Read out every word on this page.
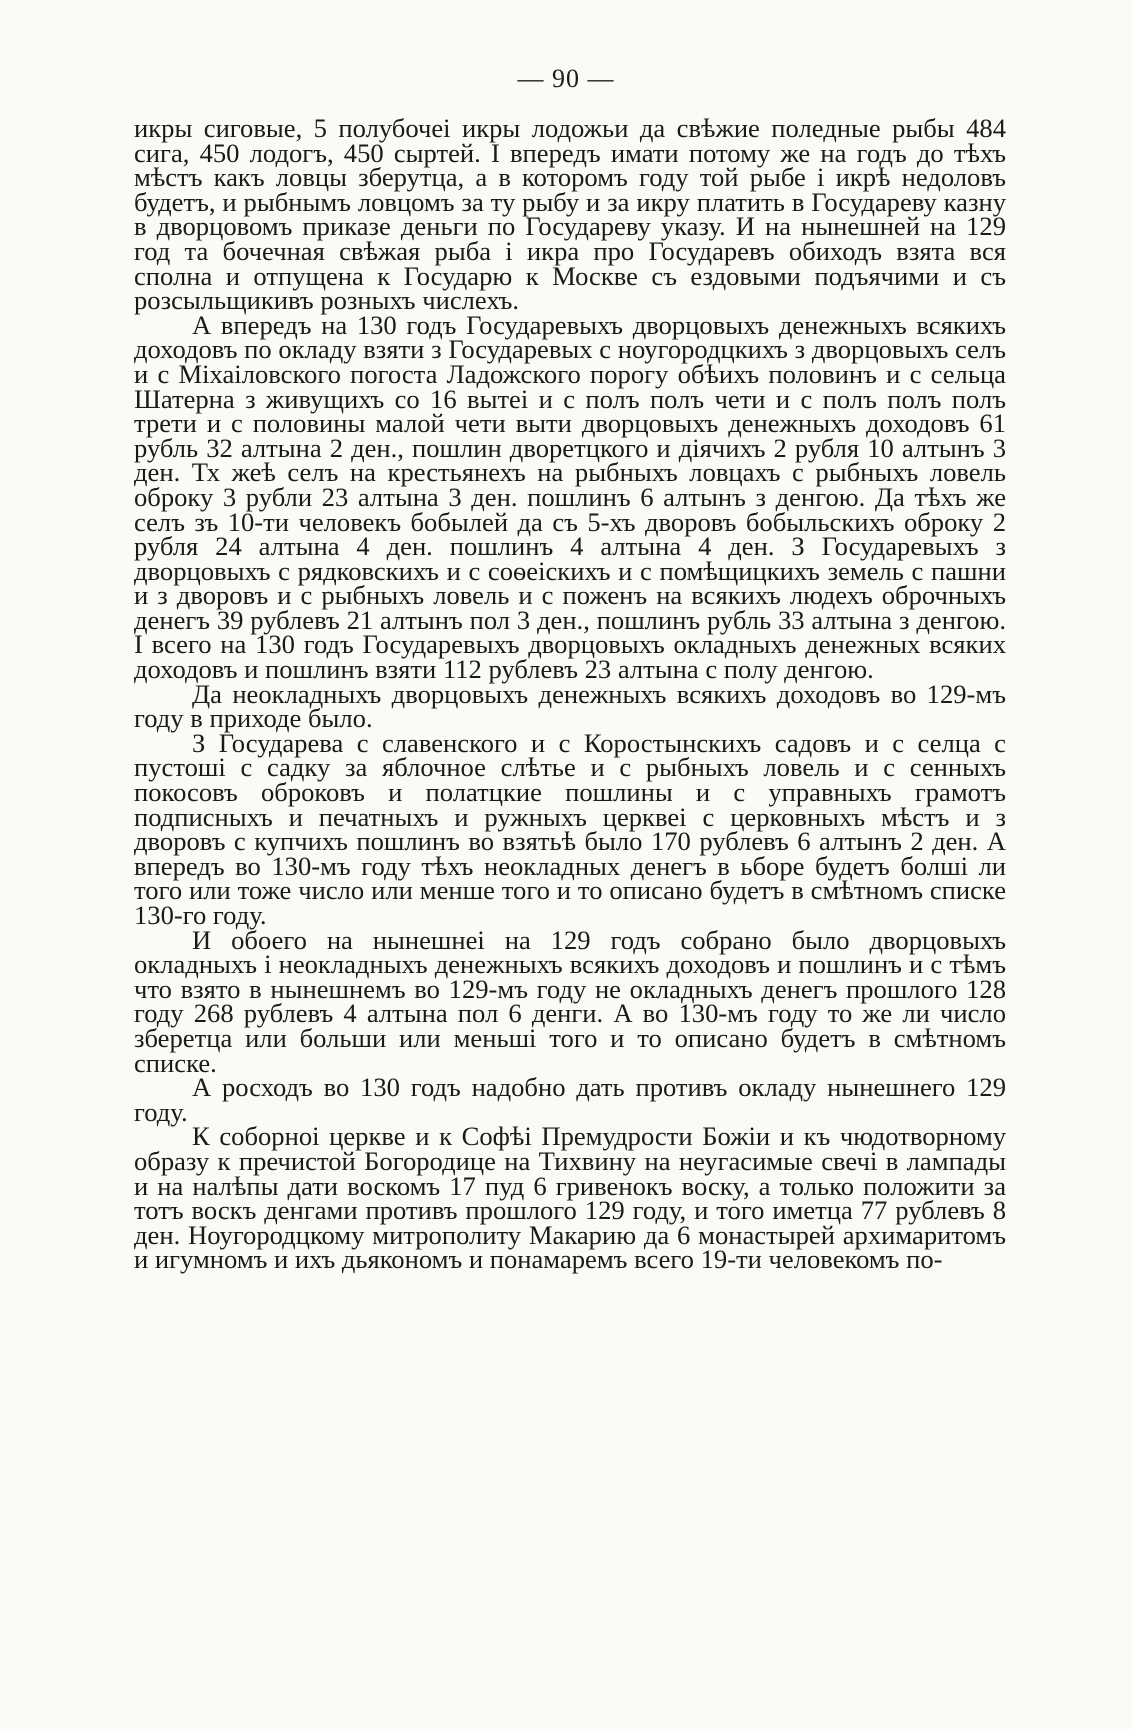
— 90 —

икры сиговые, 5 полубочеі икры лодожьи да свѣжие поледные рыбы 484 сига, 450 лодогъ, 450 сыртей. І впередъ имати потому же на годъ до тѣхъ мѣстъ какъ ловцы зберутца, а в которомъ году той рыбе і икрѣ недоловъ будетъ, и рыбнымъ ловцомъ за ту рыбу и за икру платить в Государеву казну в дворцовомъ приказе деньги по Государеву указу. И на нынешней на 129 год та бочечная свѣжая рыба і икра про Государевъ обиходъ взята вся сполна и отпущена к Государю к Москве съ ездовыми подъячими и съ розсыльщикивъ розныхъ числехъ.

А впередъ на 130 годъ Государевыхъ дворцовыхъ денежныхъ всякихъ доходовъ по окладу взяти з Государевых с ноугородцкихъ з дворцовыхъ селъ и с Міхаіловского погоста Ладожского порогу обѣихъ половинъ и с сельца Шатерна з живущихъ со 16 вытеі и с полъ полъ чети и с полъ полъ полъ трети и с половины малой чети выти дворцовыхъ денежныхъ доходовъ 61 рубль 32 алтына 2 ден., пошлин дворетцкого и діячихъ 2 рубля 10 алтынъ 3 ден. Тх жеѣ селъ на крестьянехъ на рыбныхъ ловцахъ с рыбныхъ ловель оброку 3 рубли 23 алтына 3 ден. пошлинъ 6 алтынъ з денгою. Да тѣхъ же селъ зъ 10-ти человекъ бобылей да съ 5-хъ дворовъ бобыльскихъ оброку 2 рубля 24 алтына 4 ден. пошлинъ 4 алтына 4 ден. З Государевыхъ з дворцовыхъ с рядковскихъ и с соѳеіскихъ и с помѣщицкихъ земель с пашни и з дворовъ и с рыбныхъ ловель и с поженъ на всякихъ людехъ оброчныхъ денегъ 39 рублевъ 21 алтынъ пол 3 ден., пошлинъ рубль 33 алтына з денгою. І всего на 130 годъ Государевыхъ дворцовыхъ окладныхъ денежных всяких доходовъ и пошлинъ взяти 112 рублевъ 23 алтына с полу денгою.

Да неокладныхъ дворцовыхъ денежныхъ всякихъ доходовъ во 129-мъ году в приходе было.

З Государева с славенского и с Коростынскихъ садовъ и с селца с пустоші с садку за яблочное слѣтье и с рыбныхъ ловель и с сенныхъ покосовъ оброковъ и полатцкие пошлины и с управныхъ грамотъ подписныхъ и печатныхъ и ружныхъ церквеі с церковныхъ мѣстъ и з дворовъ с купчихъ пошлинъ во взятьѣ было 170 рублевъ 6 алтынъ 2 ден. А впередъ во 130-мъ году тѣхъ неокладных денегъ в ьборе будетъ болші ли того или тоже число или менше того и то описано будетъ в смѣтномъ списке 130-го году.

И обоего на нынешнеі на 129 годъ собрано было дворцовыхъ окладныхъ і неокладныхъ денежныхъ всякихъ доходовъ и пошлинъ и с тѣмъ что взято в нынешнемъ во 129-мъ году не окладныхъ денегъ прошлого 128 году 268 рублевъ 4 алтына пол 6 денги. А во 130-мъ году то же ли число зберетца или больши или меньші того и то описано будетъ в смѣтномъ списке.

А росходъ во 130 годъ надобно дать противъ окладу нынешнего 129 году.

К соборноі церкве и к Софѣі Премудрости Божіи и къ чюдотворному образу к пречистой Богородице на Тихвину на неугасимые свечі в лампады и на налѣпы дати воскомъ 17 пуд 6 гривенокъ воску, а только положити за тотъ воскъ денгами противъ прошлого 129 году, и того иметца 77 рублевъ 8 ден. Ноугородцкому митрополиту Макарию да 6 монастырей архимаритомъ и игумномъ и ихъ дьякономъ и понамаремъ всего 19-ти человекомъ по-
